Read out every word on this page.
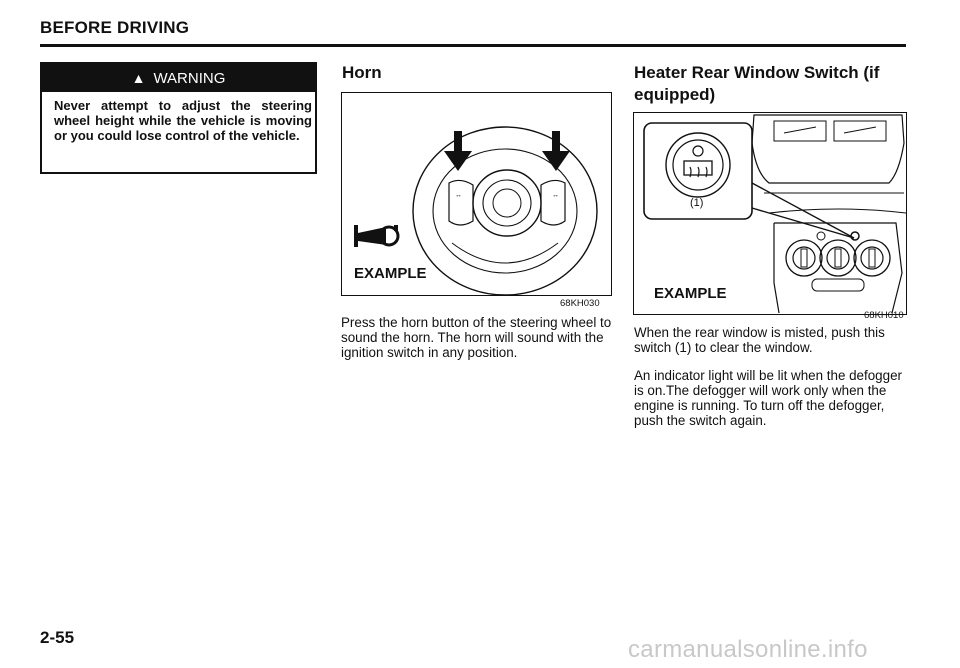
BEFORE DRIVING
▲ WARNING
Never attempt to adjust the steering wheel height while the vehicle is moving or you could lose control of the vehicle.
Horn
↔	↔
EXAMPLE
68KH030
Press the horn button of the steering wheel to sound the horn. The horn will sound with the ignition switch in any position.
Heater Rear Window Switch (if equipped)
(1)
EXAMPLE
68KH010
When the rear window is misted, push this switch (1) to clear the window.
An indicator light will be lit when the defogger is on.The defogger will work only when the engine is running. To turn off the defogger, push the switch again.
2-55	carmanualsonline.info
